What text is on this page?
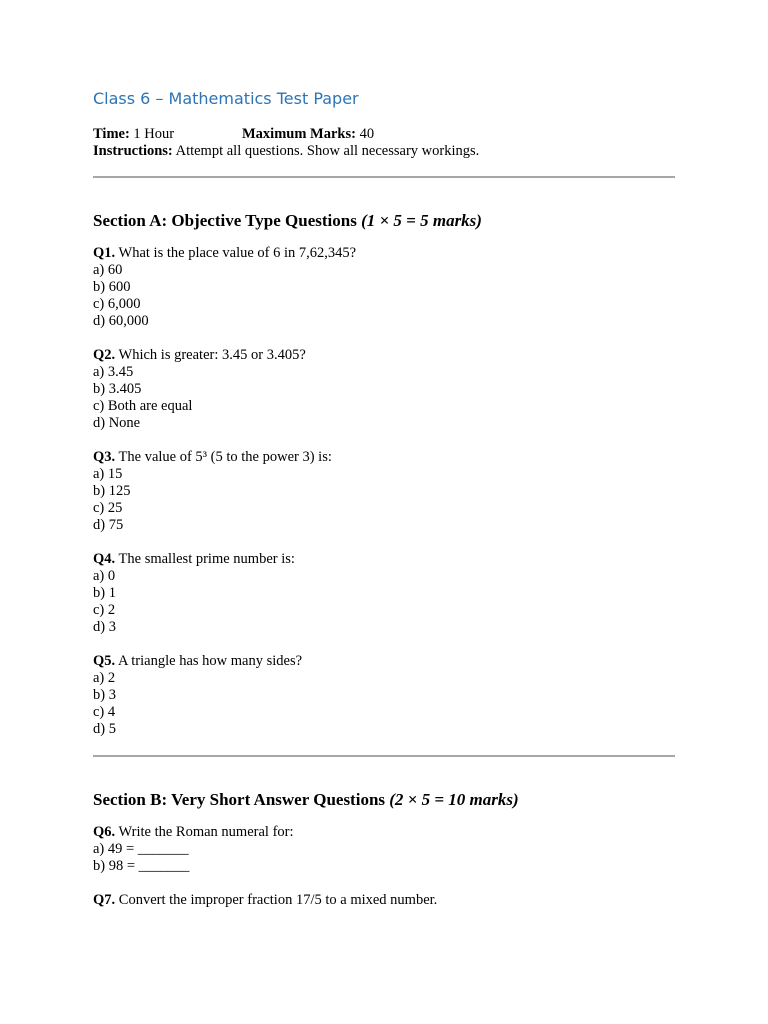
Class 6 – Mathematics Test Paper
Time: 1 Hour	Maximum Marks: 40
Instructions: Attempt all questions. Show all necessary workings.
Section A: Objective Type Questions (1 × 5 = 5 marks)
Q1. What is the place value of 6 in 7,62,345?
a) 60
b) 600
c) 6,000
d) 60,000
Q2. Which is greater: 3.45 or 3.405?
a) 3.45
b) 3.405
c) Both are equal
d) None
Q3. The value of 5³ (5 to the power 3) is:
a) 15
b) 125
c) 25
d) 75
Q4. The smallest prime number is:
a) 0
b) 1
c) 2
d) 3
Q5. A triangle has how many sides?
a) 2
b) 3
c) 4
d) 5
Section B: Very Short Answer Questions (2 × 5 = 10 marks)
Q6. Write the Roman numeral for:
a) 49 = _______
b) 98 = _______
Q7. Convert the improper fraction 17/5 to a mixed number.
